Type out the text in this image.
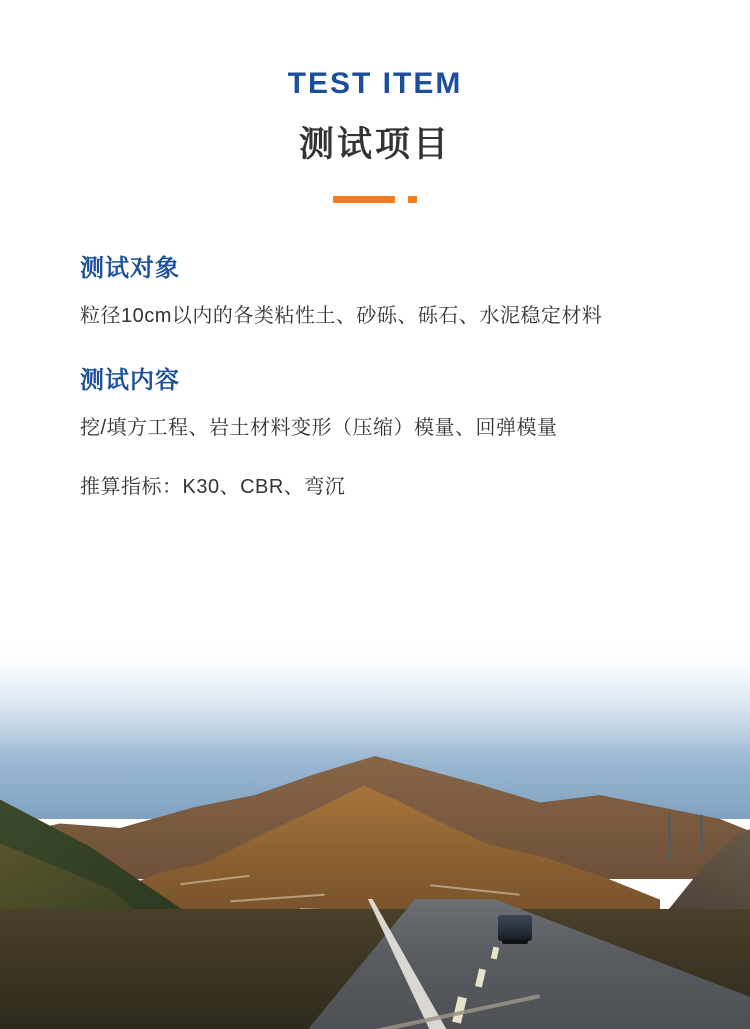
TEST ITEM
测试项目
测试对象
粒径10cm以内的各类粘性土、砂砾、砾石、水泥稳定材料
测试内容
挖/填方工程、岩土材料变形（压缩）模量、回弹模量
推算指标：K30、CBR、弯沉
